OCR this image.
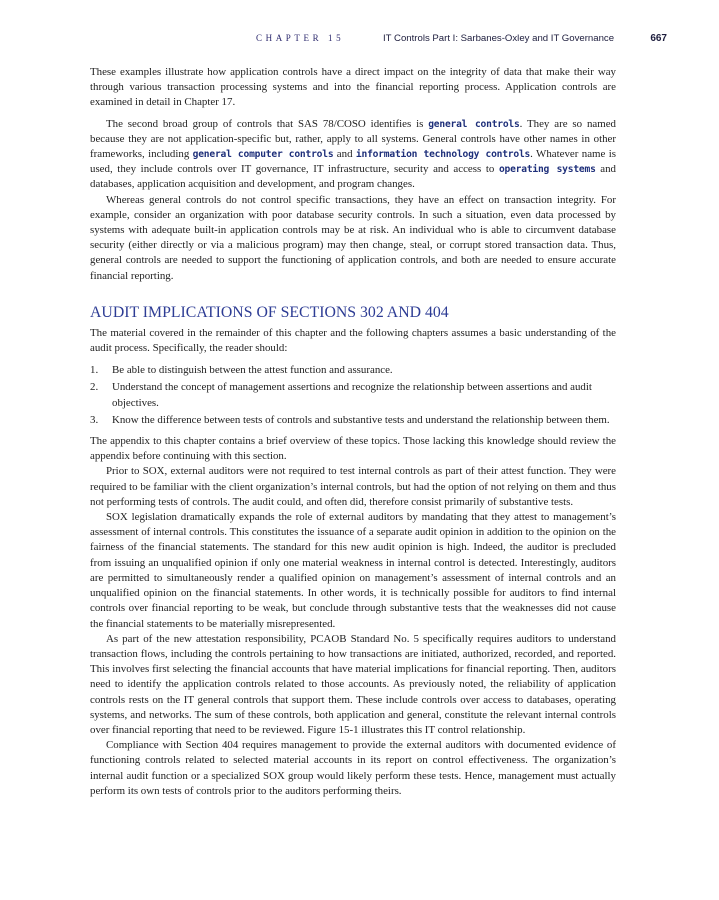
CHAPTER 15	IT Controls Part I: Sarbanes-Oxley and IT Governance	667

These examples illustrate how application controls have a direct impact on the integrity of data that make their way through various transaction processing systems and into the financial reporting process. Application controls are examined in detail in Chapter 17.

The second broad group of controls that SAS 78/COSO identifies is general controls. They are so named because they are not application-specific but, rather, apply to all systems. General controls have other names in other frameworks, including general computer controls and information technology controls. Whatever name is used, they include controls over IT governance, IT infrastructure, security and access to operating systems and databases, application acquisition and development, and program changes.

Whereas general controls do not control specific transactions, they have an effect on transaction integrity. For example, consider an organization with poor database security controls. In such a situation, even data processed by systems with adequate built-in application controls may be at risk. An individual who is able to circumvent database security (either directly or via a malicious program) may then change, steal, or corrupt stored transaction data. Thus, general controls are needed to support the functioning of application controls, and both are needed to ensure accurate financial reporting.

AUDIT IMPLICATIONS OF SECTIONS 302 AND 404

The material covered in the remainder of this chapter and the following chapters assumes a basic understanding of the audit process. Specifically, the reader should:

1. Be able to distinguish between the attest function and assurance.
2. Understand the concept of management assertions and recognize the relationship between assertions and audit objectives.
3. Know the difference between tests of controls and substantive tests and understand the relationship between them.

The appendix to this chapter contains a brief overview of these topics. Those lacking this knowledge should review the appendix before continuing with this section.

Prior to SOX, external auditors were not required to test internal controls as part of their attest function. They were required to be familiar with the client organization’s internal controls, but had the option of not relying on them and thus not performing tests of controls. The audit could, and often did, therefore consist primarily of substantive tests.

SOX legislation dramatically expands the role of external auditors by mandating that they attest to management’s assessment of internal controls. This constitutes the issuance of a separate audit opinion in addition to the opinion on the fairness of the financial statements. The standard for this new audit opinion is high. Indeed, the auditor is precluded from issuing an unqualified opinion if only one material weakness in internal control is detected. Interestingly, auditors are permitted to simultaneously render a qualified opinion on management’s assessment of internal controls and an unqualified opinion on the financial statements. In other words, it is technically possible for auditors to find internal controls over financial reporting to be weak, but conclude through substantive tests that the weaknesses did not cause the financial statements to be materially misrepresented.

As part of the new attestation responsibility, PCAOB Standard No. 5 specifically requires auditors to understand transaction flows, including the controls pertaining to how transactions are initiated, authorized, recorded, and reported. This involves first selecting the financial accounts that have material implications for financial reporting. Then, auditors need to identify the application controls related to those accounts. As previously noted, the reliability of application controls rests on the IT general controls that support them. These include controls over access to databases, operating systems, and networks. The sum of these controls, both application and general, constitute the relevant internal controls over financial reporting that need to be reviewed. Figure 15-1 illustrates this IT control relationship.

Compliance with Section 404 requires management to provide the external auditors with documented evidence of functioning controls related to selected material accounts in its report on control effectiveness. The organization’s internal audit function or a specialized SOX group would likely perform these tests. Hence, management must actually perform its own tests of controls prior to the auditors performing theirs.
